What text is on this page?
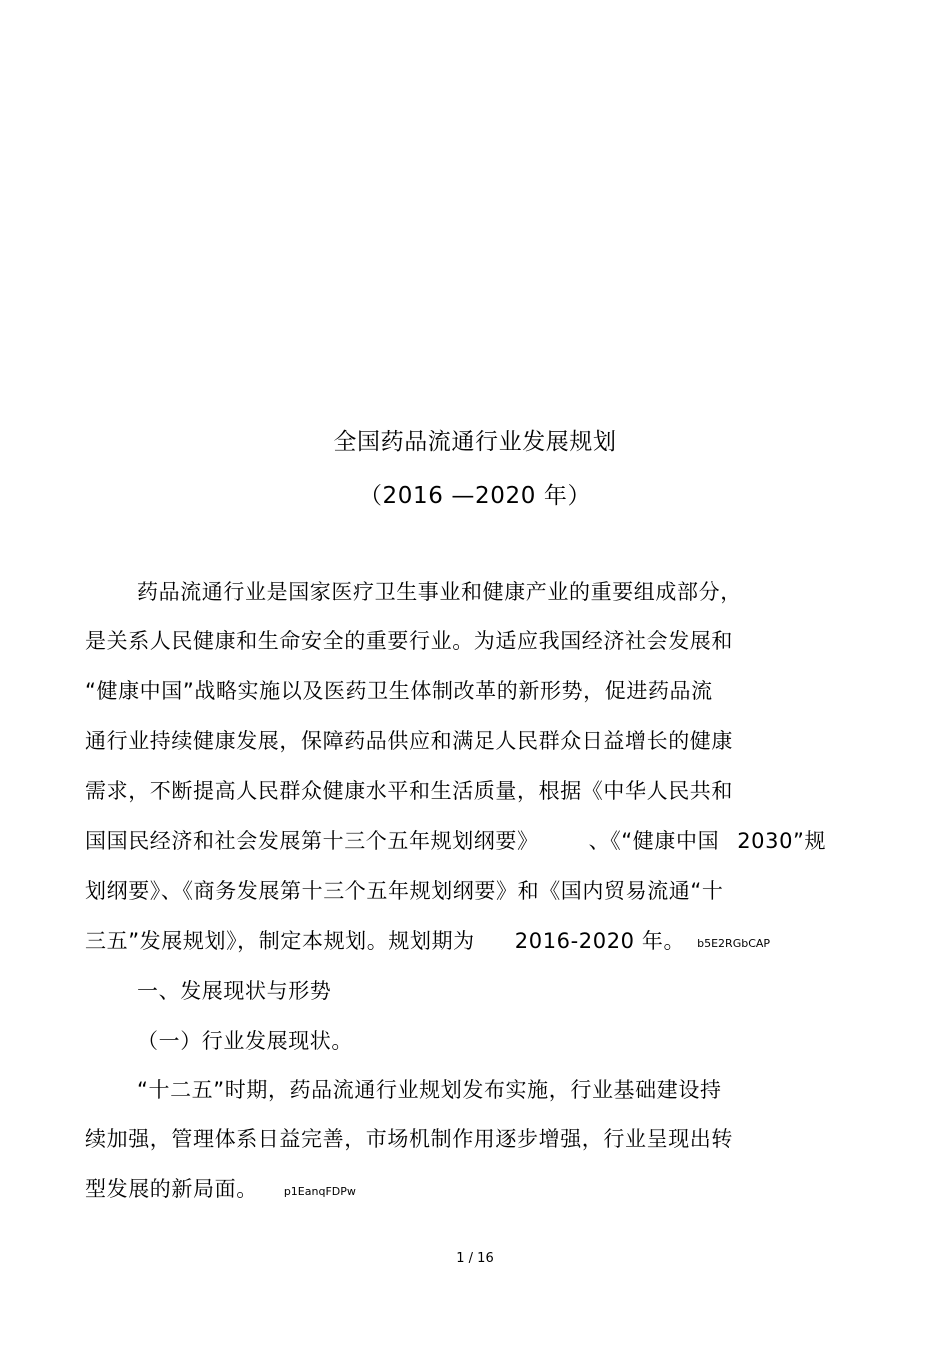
全国药品流通行业发展规划
（2016 —2020 年）
药品流通行业是国家医疗卫生事业和健康产业的重要组成部分，
是关系人民健康和生命安全的重要行业。为适应我国经济社会发展和
“健康中国”战略实施以及医药卫生体制改革的新形势，促进药品流
通行业持续健康发展，保障药品供应和满足人民群众日益增长的健康
需求，不断提高人民群众健康水平和生活质量，根据《中华人民共和
国国民经济和社会发展第十三个五年规划纲要》 、《“健康中国 2030”规
划纲要》、《商务发展第十三个五年规划纲要》和《国内贸易流通“十
三五”发展规划》，制定本规划。规划期为 2016-2020 年。 b5E2RGbCAP
一、发展现状与形势
（一）行业发展现状。
“十二五”时期，药品流通行业规划发布实施，行业基础建设持
续加强，管理体系日益完善，市场机制作用逐步增强，行业呈现出转
型发展的新局面。 p1EanqFDPw
1 / 16
